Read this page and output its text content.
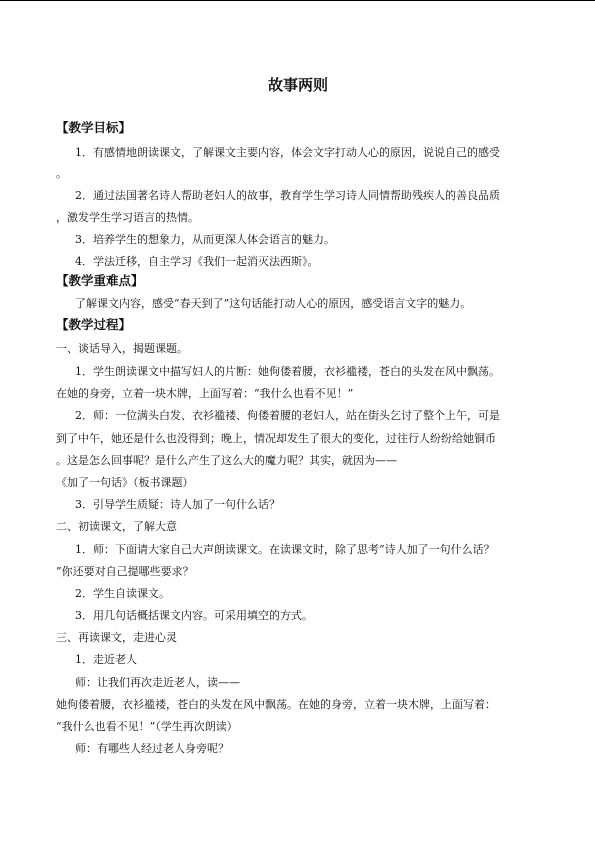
故事两则
【教学目标】
1．有感情地朗读课文，了解课文主要内容，体会文字打动人心的原因，说说自己的感受
。
2．通过法国著名诗人帮助老妇人的故事，教育学生学习诗人同情帮助残疾人的善良品质
，激发学生学习语言的热情。
3．培养学生的想象力，从而更深人体会语言的魅力。
4．学法迁移，自主学习《我们一起消灭法西斯》。
【教学重难点】
了解课文内容，感受“春天到了”这句话能打动人心的原因，感受语言文字的魅力。
【教学过程】
一、谈话导入，揭题课题。
1．学生朗读课文中描写妇人的片断：她佝偻着腰，衣衫褴褛，苍白的头发在风中飘荡。
在她的身旁，立着一块木牌，上面写着：“我什么也看不见！”
2．师：一位满头白发、衣衫褴褛、佝偻着腰的老妇人，站在街头乞讨了整个上午，可是
到了中午，她还是什么也没得到；晚上，情况却发生了很大的变化，过往行人纷纷给她铜币
。这是怎么回事呢？是什么产生了这么大的魔力呢？其实，就因为——
《加了一句话》（板书课题）
3．引导学生质疑：诗人加了一句什么话？
二、初读课文，了解大意
1．师：下面请大家自己大声朗读课文。在读课文时，除了思考“诗人加了一句什么话？
”你还要对自己提哪些要求？
2．学生自读课文。
3．用几句话概括课文内容。可采用填空的方式。
三、再读课文，走进心灵
1．走近老人
师：让我们再次走近老人，读——
她佝偻着腰，衣衫褴褛，苍白的头发在风中飘荡。在她的身旁，立着一块木牌，上面写着：
“我什么也看不见！”（学生再次朗读）
师：有哪些人经过老人身旁呢？
